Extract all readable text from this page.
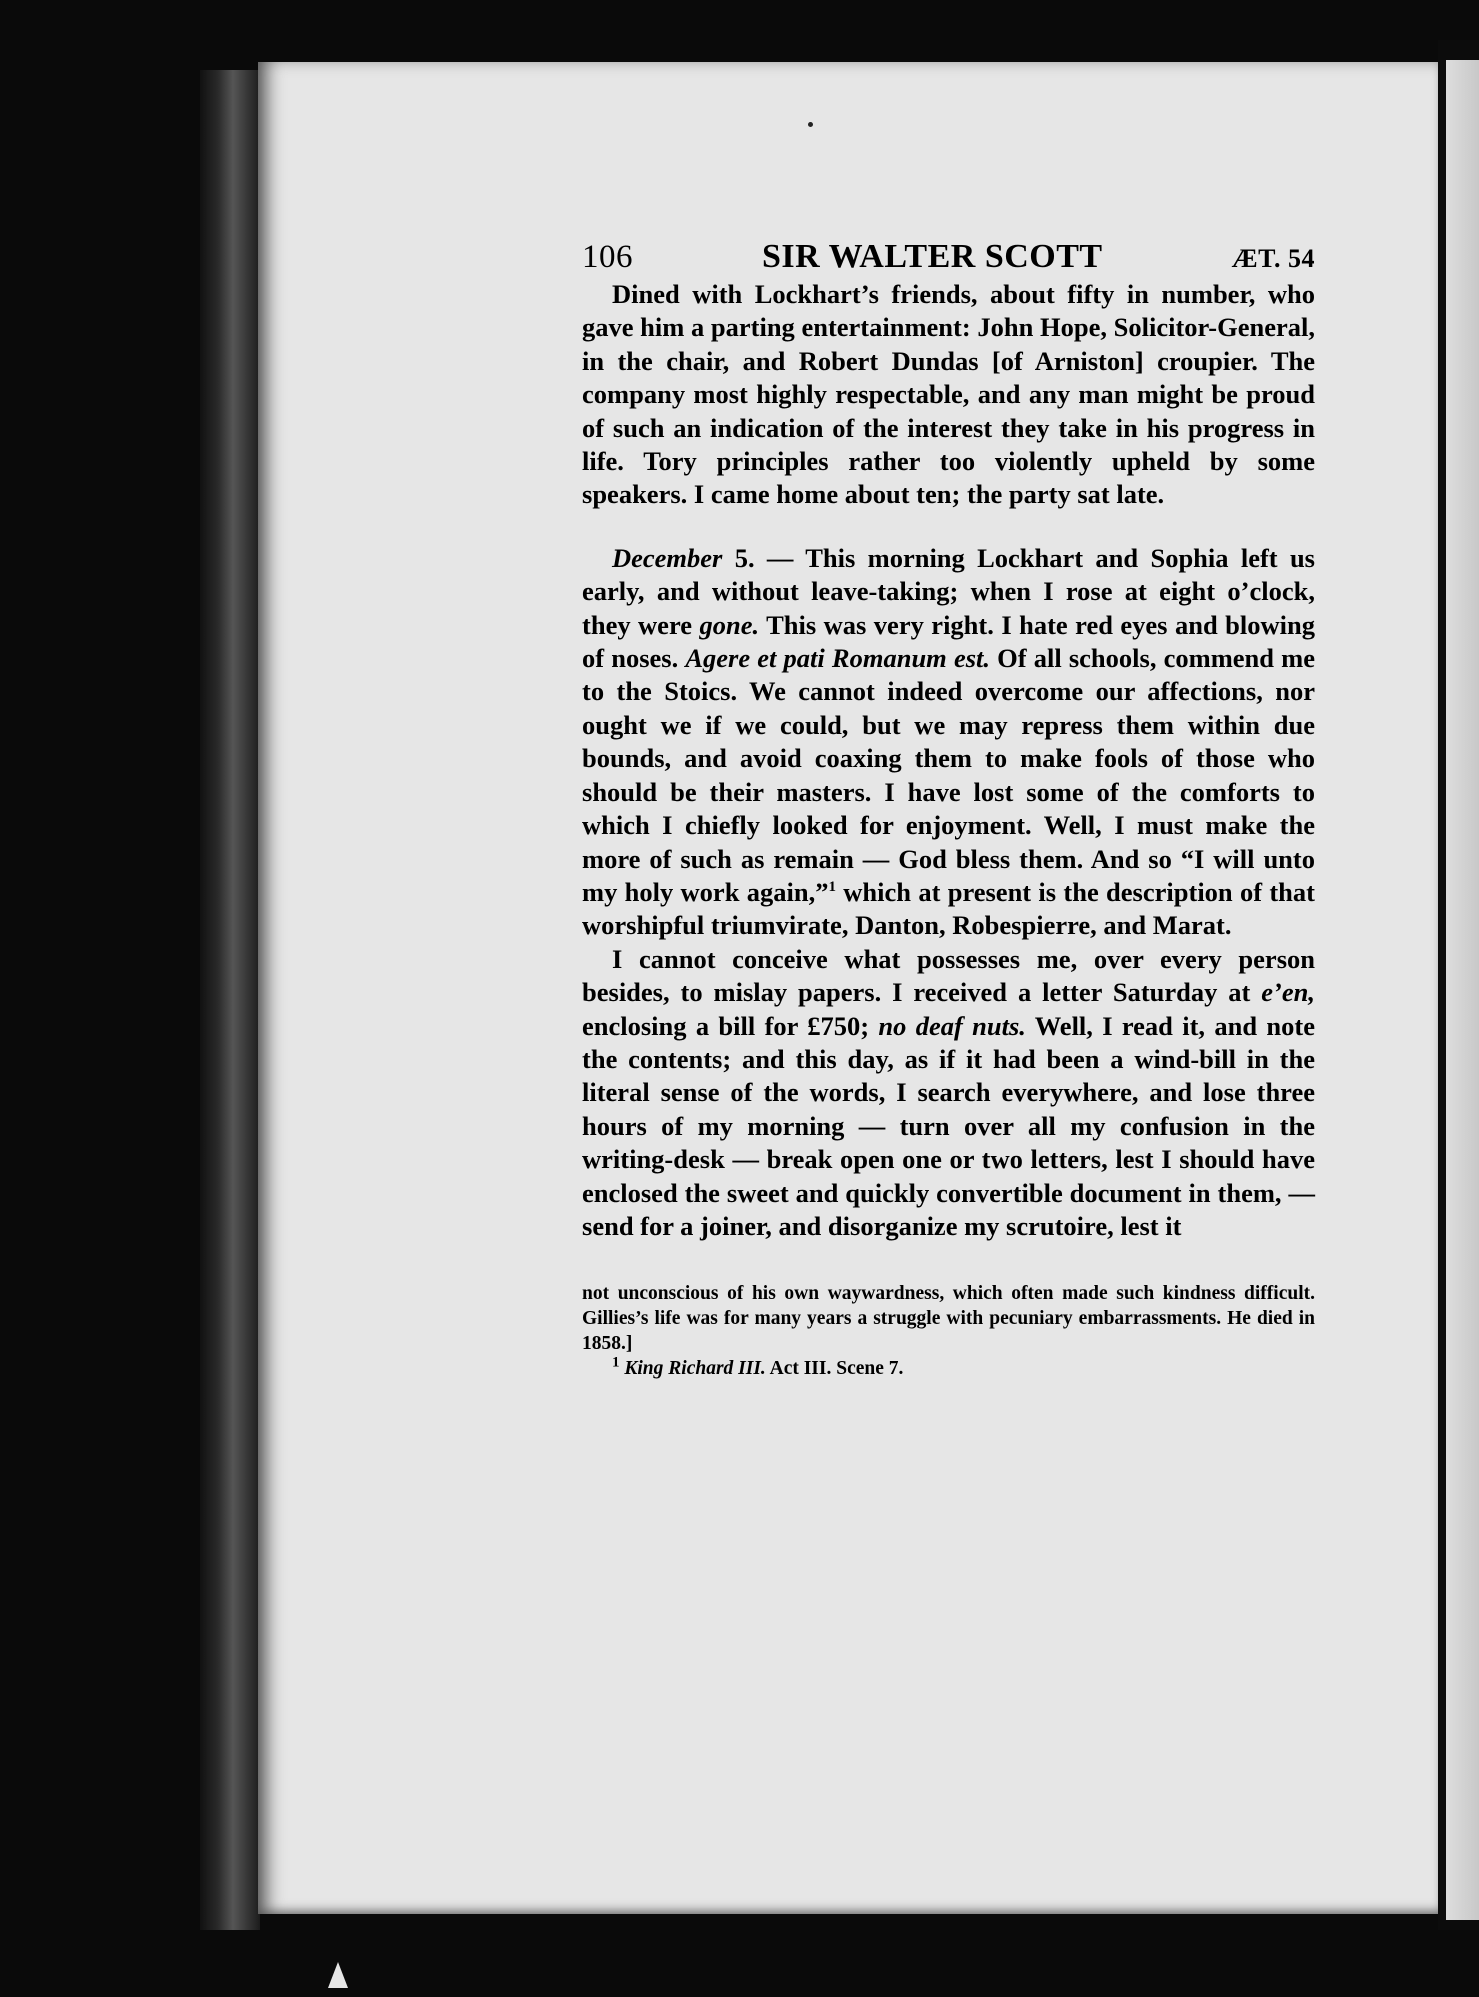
106	SIR WALTER SCOTT	ÆT. 54

Dined with Lockhart’s friends, about fifty in number, who gave him a parting entertainment: John Hope, Solicitor-General, in the chair, and Robert Dundas [of Arniston] croupier. The company most highly respectable, and any man might be proud of such an indication of the interest they take in his progress in life. Tory principles rather too violently upheld by some speakers. I came home about ten; the party sat late.

December 5. — This morning Lockhart and Sophia left us early, and without leave-taking; when I rose at eight o’clock, they were gone. This was very right. I hate red eyes and blowing of noses. Agere et pati Romanum est. Of all schools, commend me to the Stoics. We cannot indeed overcome our affections, nor ought we if we could, but we may repress them within due bounds, and avoid coaxing them to make fools of those who should be their masters. I have lost some of the comforts to which I chiefly looked for enjoyment. Well, I must make the more of such as remain — God bless them. And so “I will unto my holy work again,”$^1$ which at present is the description of that worshipful triumvirate, Danton, Robespierre, and Marat.

I cannot conceive what possesses me, over every person besides, to mislay papers. I received a letter Saturday at e’en, enclosing a bill for £750; no deaf nuts. Well, I read it, and note the contents; and this day, as if it had been a wind-bill in the literal sense of the words, I search everywhere, and lose three hours of my morning — turn over all my confusion in the writing-desk — break open one or two letters, lest I should have enclosed the sweet and quickly convertible document in them, — send for a joiner, and disorganize my scrutoire, lest it

not unconscious of his own waywardness, which often made such kindness difficult. Gillies’s life was for many years a struggle with pecuniary embarrassments. He died in 1858.]

$^1$ King Richard III. Act III. Scene 7.
